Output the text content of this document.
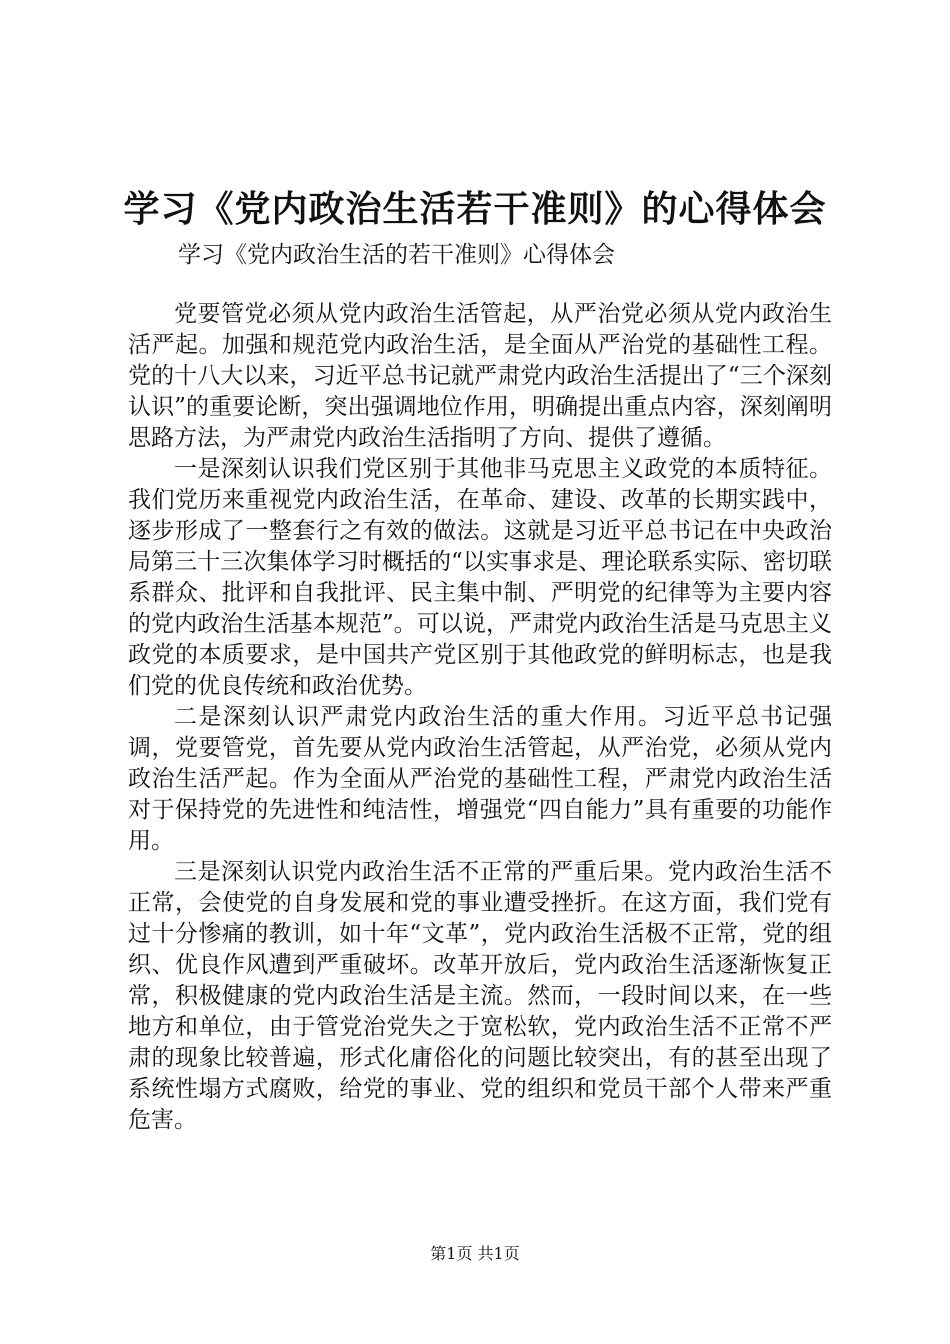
学习《党内政治生活若干准则》的心得体会
学习《党内政治生活的若干准则》心得体会

党要管党必须从党内政治生活管起，从严治党必须从党内政治生活严起。加强和规范党内政治生活，是全面从严治党的基础性工程。党的十八大以来，习近平总书记就严肃党内政治生活提出了“三个深刻认识”的重要论断，突出强调地位作用，明确提出重点内容，深刻阐明思路方法，为严肃党内政治生活指明了方向、提供了遵循。

一是深刻认识我们党区别于其他非马克思主义政党的本质特征。我们党历来重视党内政治生活，在革命、建设、改革的长期实践中，逐步形成了一整套行之有效的做法。这就是习近平总书记在中央政治局第三十三次集体学习时概括的“以实事求是、理论联系实际、密切联系群众、批评和自我批评、民主集中制、严明党的纪律等为主要内容的党内政治生活基本规范”。可以说，严肃党内政治生活是马克思主义政党的本质要求，是中国共产党区别于其他政党的鲜明标志，也是我们党的优良传统和政治优势。

二是深刻认识严肃党内政治生活的重大作用。习近平总书记强调，党要管党，首先要从党内政治生活管起，从严治党，必须从党内政治生活严起。作为全面从严治党的基础性工程，严肃党内政治生活对于保持党的先进性和纯洁性，增强党“四自能力”具有重要的功能作用。

三是深刻认识党内政治生活不正常的严重后果。党内政治生活不正常，会使党的自身发展和党的事业遭受挫折。在这方面，我们党有过十分惨痛的教训，如十年“文革”，党内政治生活极不正常，党的组织、优良作风遭到严重破坏。改革开放后，党内政治生活逐渐恢复正常，积极健康的党内政治生活是主流。然而，一段时间以来，在一些地方和单位，由于管党治党失之于宽松软，党内政治生活不正常不严肃的现象比较普遍，形式化庸俗化的问题比较突出，有的甚至出现了系统性塌方式腐败，给党的事业、党的组织和党员干部个人带来严重危害。

第1页 共1页
